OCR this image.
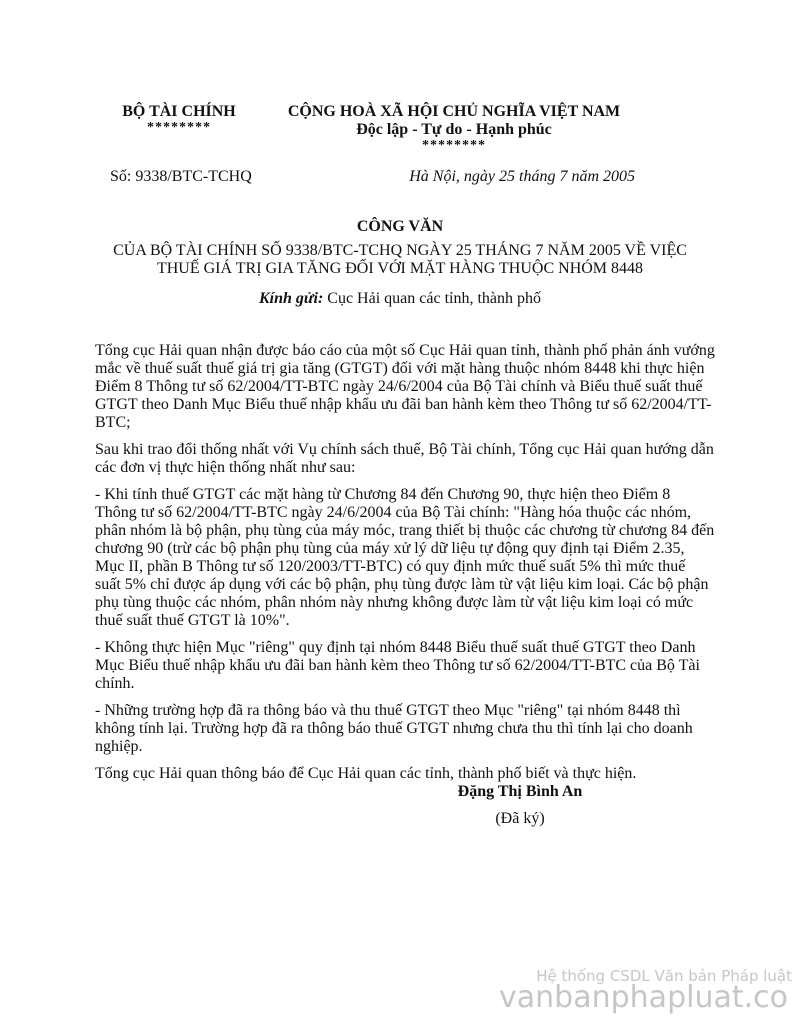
BỘ TÀI CHÍNH
********
CỘNG HOÀ XÃ HỘI CHỦ NGHĨA VIỆT NAM
Độc lập - Tự do - Hạnh phúc
********
Số: 9338/BTC-TCHQ	Hà Nội, ngày 25 tháng 7 năm 2005
CÔNG VĂN
CỦA BỘ TÀI CHÍNH SỐ 9338/BTC-TCHQ NGÀY 25 THÁNG 7 NĂM 2005 VỀ VIỆC THUẾ GIÁ TRỊ GIA TĂNG ĐỐI VỚI MẶT HÀNG THUỘC NHÓM 8448
Kính gửi: Cục Hải quan các tỉnh, thành phố

Tổng cục Hải quan nhận được báo cáo của một số Cục Hải quan tỉnh, thành phố phản ánh vướng mắc về thuế suất thuế giá trị gia tăng (GTGT) đối với mặt hàng thuộc nhóm 8448 khi thực hiện Điểm 8 Thông tư số 62/2004/TT-BTC ngày 24/6/2004 của Bộ Tài chính và Biểu thuế suất thuế GTGT theo Danh Mục Biểu thuế nhập khẩu ưu đãi ban hành kèm theo Thông tư số 62/2004/TT-BTC;

Sau khi trao đổi thống nhất với Vụ chính sách thuế, Bộ Tài chính, Tổng cục Hải quan hướng dẫn các đơn vị thực hiện thống nhất như sau:

- Khi tính thuế GTGT các mặt hàng từ Chương 84 đến Chương 90, thực hiện theo Điểm 8 Thông tư số 62/2004/TT-BTC ngày 24/6/2004 của Bộ Tài chính: "Hàng hóa thuộc các nhóm, phân nhóm là bộ phận, phụ tùng của máy móc, trang thiết bị thuộc các chương từ chương 84 đến chương 90 (trừ các bộ phận phụ tùng của máy xử lý dữ liệu tự động quy định tại Điểm 2.35, Mục II, phần B Thông tư số 120/2003/TT-BTC) có quy định mức thuế suất 5% thì mức thuế suất 5% chỉ được áp dụng với các bộ phận, phụ tùng được làm từ vật liệu kim loại. Các bộ phận phụ tùng thuộc các nhóm, phân nhóm này nhưng không được làm từ vật liệu kim loại có mức thuế suất thuế GTGT là 10%".

- Không thực hiện Mục "riêng" quy định tại nhóm 8448 Biểu thuế suất thuế GTGT theo Danh Mục Biểu thuế nhập khẩu ưu đãi ban hành kèm theo Thông tư số 62/2004/TT-BTC của Bộ Tài chính.

- Những trường hợp đã ra thông báo và thu thuế GTGT theo Mục "riêng" tại nhóm 8448 thì không tính lại. Trường hợp đã ra thông báo thuế GTGT nhưng chưa thu thì tính lại cho doanh nghiệp.

Tổng cục Hải quan thông báo để Cục Hải quan các tỉnh, thành phố biết và thực hiện.

Đặng Thị Bình An
(Đã ký)
Hệ thống CSDL Văn bản Pháp luật
vanbanphapluat.co
